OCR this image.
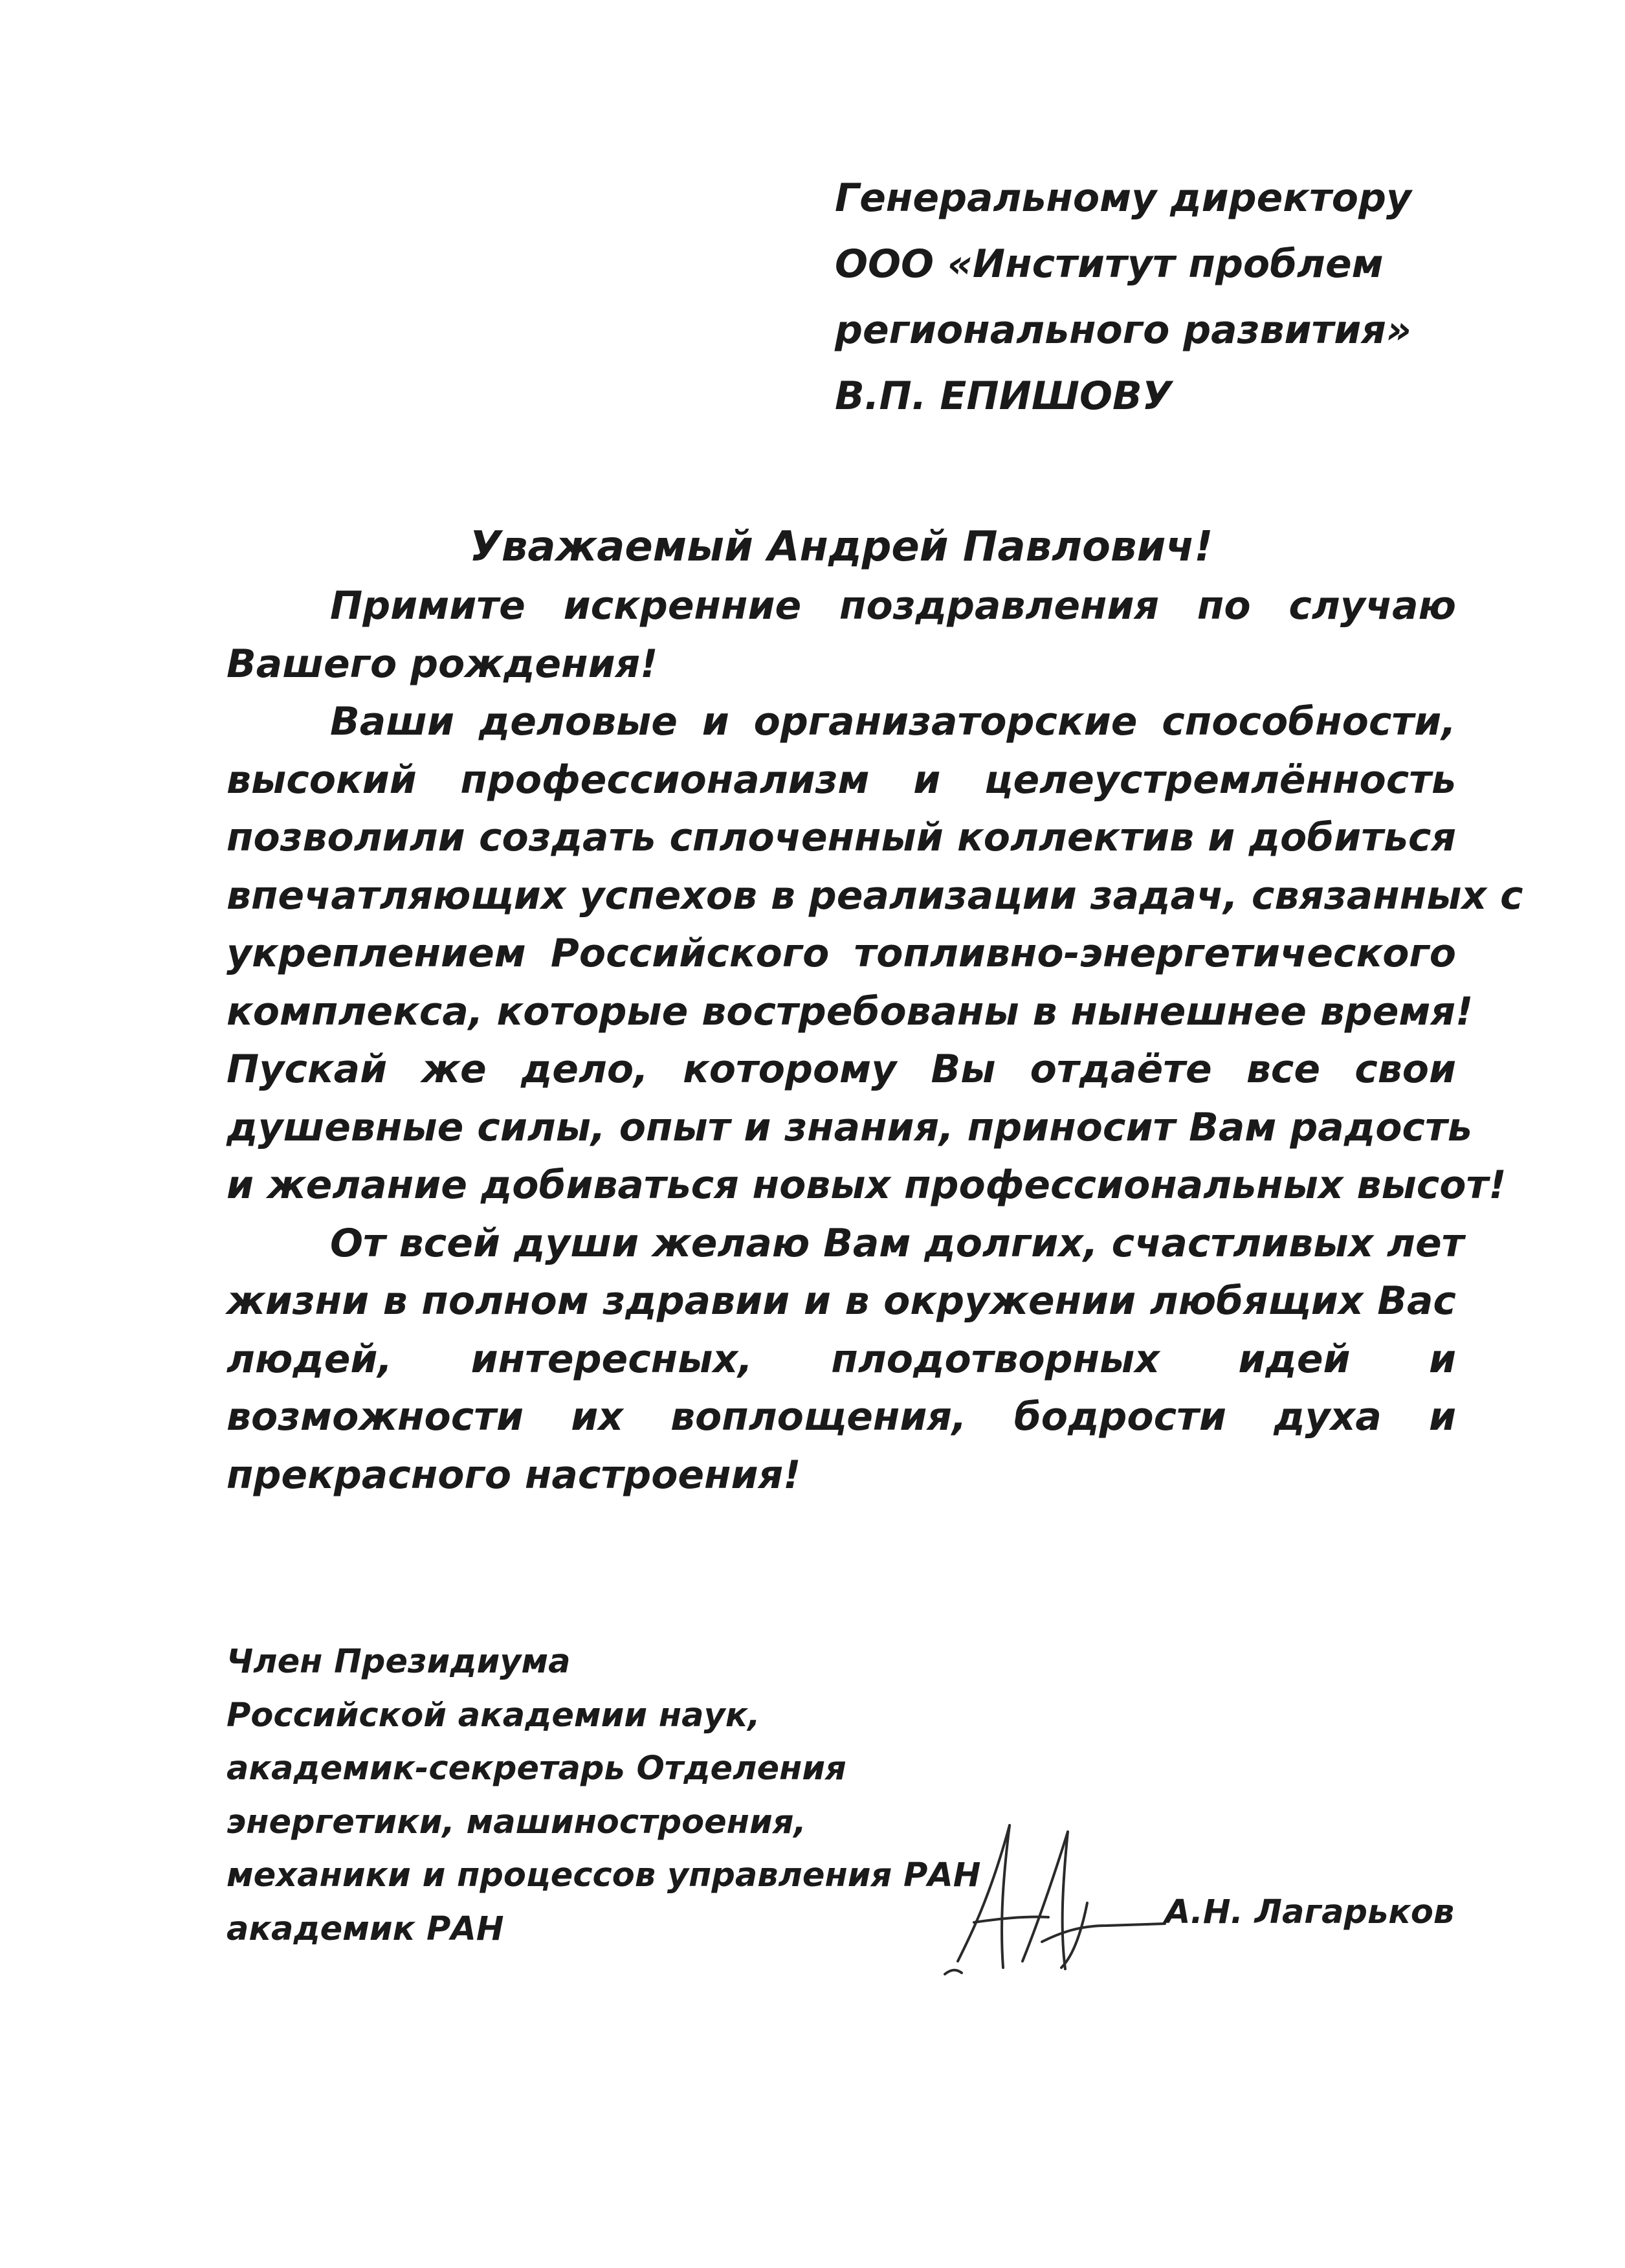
Генеральному директору
ООО «Институт проблем
регионального развития»
В.П. ЕПИШОВУ
Уважаемый Андрей Павлович!
Примите искренние поздравления по случаю
Вашего рождения!
Ваши деловые и организаторские способности,
высокий профессионализм и целеустремлённость
позволили создать сплоченный коллектив и добиться
впечатляющих успехов в реализации задач, связанных с
укреплением Российского топливно-энергетического
комплекса, которые востребованы в нынешнее время!
Пускай же дело, которому Вы отдаёте все свои
душевные силы, опыт и знания, приносит Вам радость
и желание добиваться новых профессиональных высот!
От всей души желаю Вам долгих, счастливых лет
жизни в полном здравии и в окружении любящих Вас
людей, интересных, плодотворных идей и
возможности их воплощения, бодрости духа и
прекрасного настроения!
Член Президиума
Российской академии наук,
академик-секретарь Отделения
энергетики, машиностроения,
механики и процессов управления РАН
академик РАН	А.Н. Лагарьков
